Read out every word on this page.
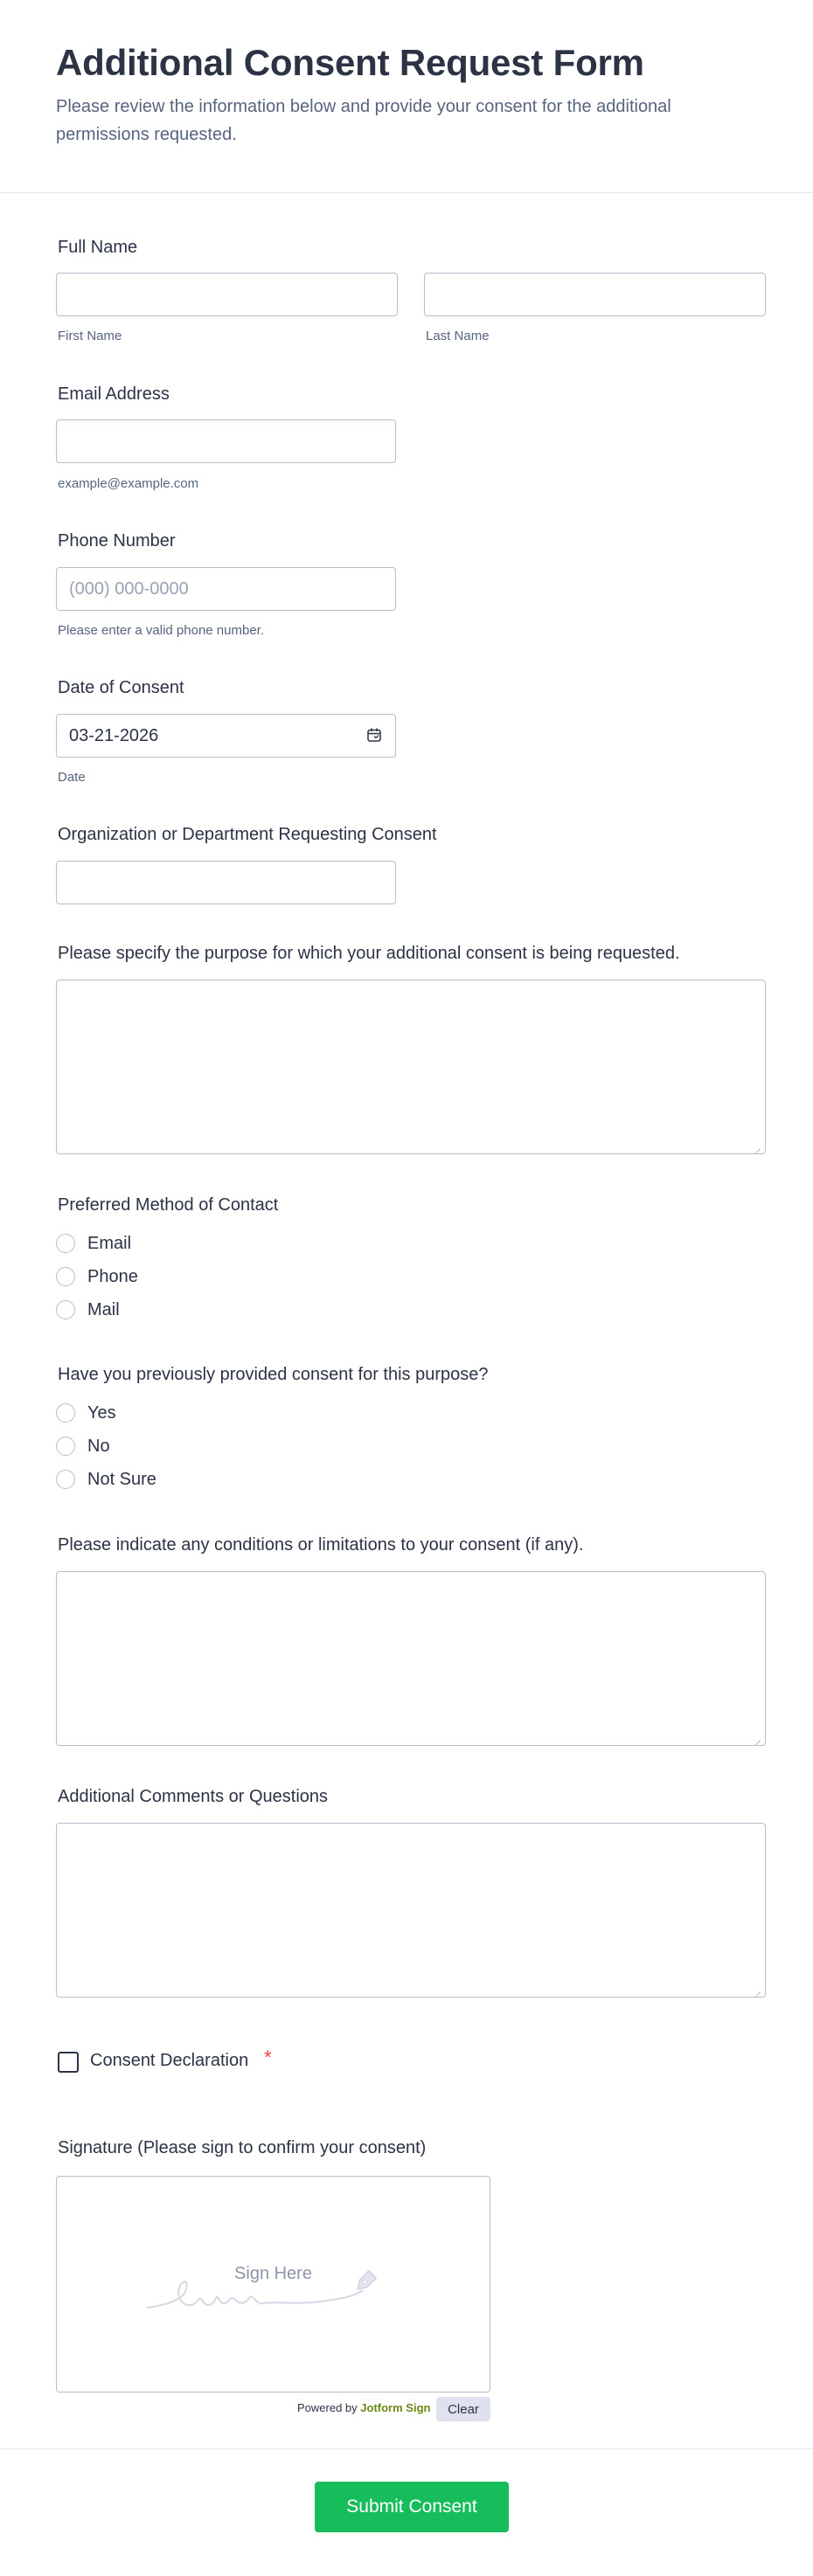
Additional Consent Request Form

Please review the information below and provide your consent for the additional permissions requested.

Full Name
First Name	Last Name
Email Address
example@example.com
Phone Number
(000) 000-0000
Please enter a valid phone number.
Date of Consent
03-21-2026
Date
Organization or Department Requesting Consent
Please specify the purpose for which your additional consent is being requested.
Preferred Method of Contact
Email
Phone
Mail
Have you previously provided consent for this purpose?
Yes
No
Not Sure
Please indicate any conditions or limitations to your consent (if any).
Additional Comments or Questions
Consent Declaration *
Signature (Please sign to confirm your consent)
Sign Here
Powered by Jotform Sign	Clear
Submit Consent
